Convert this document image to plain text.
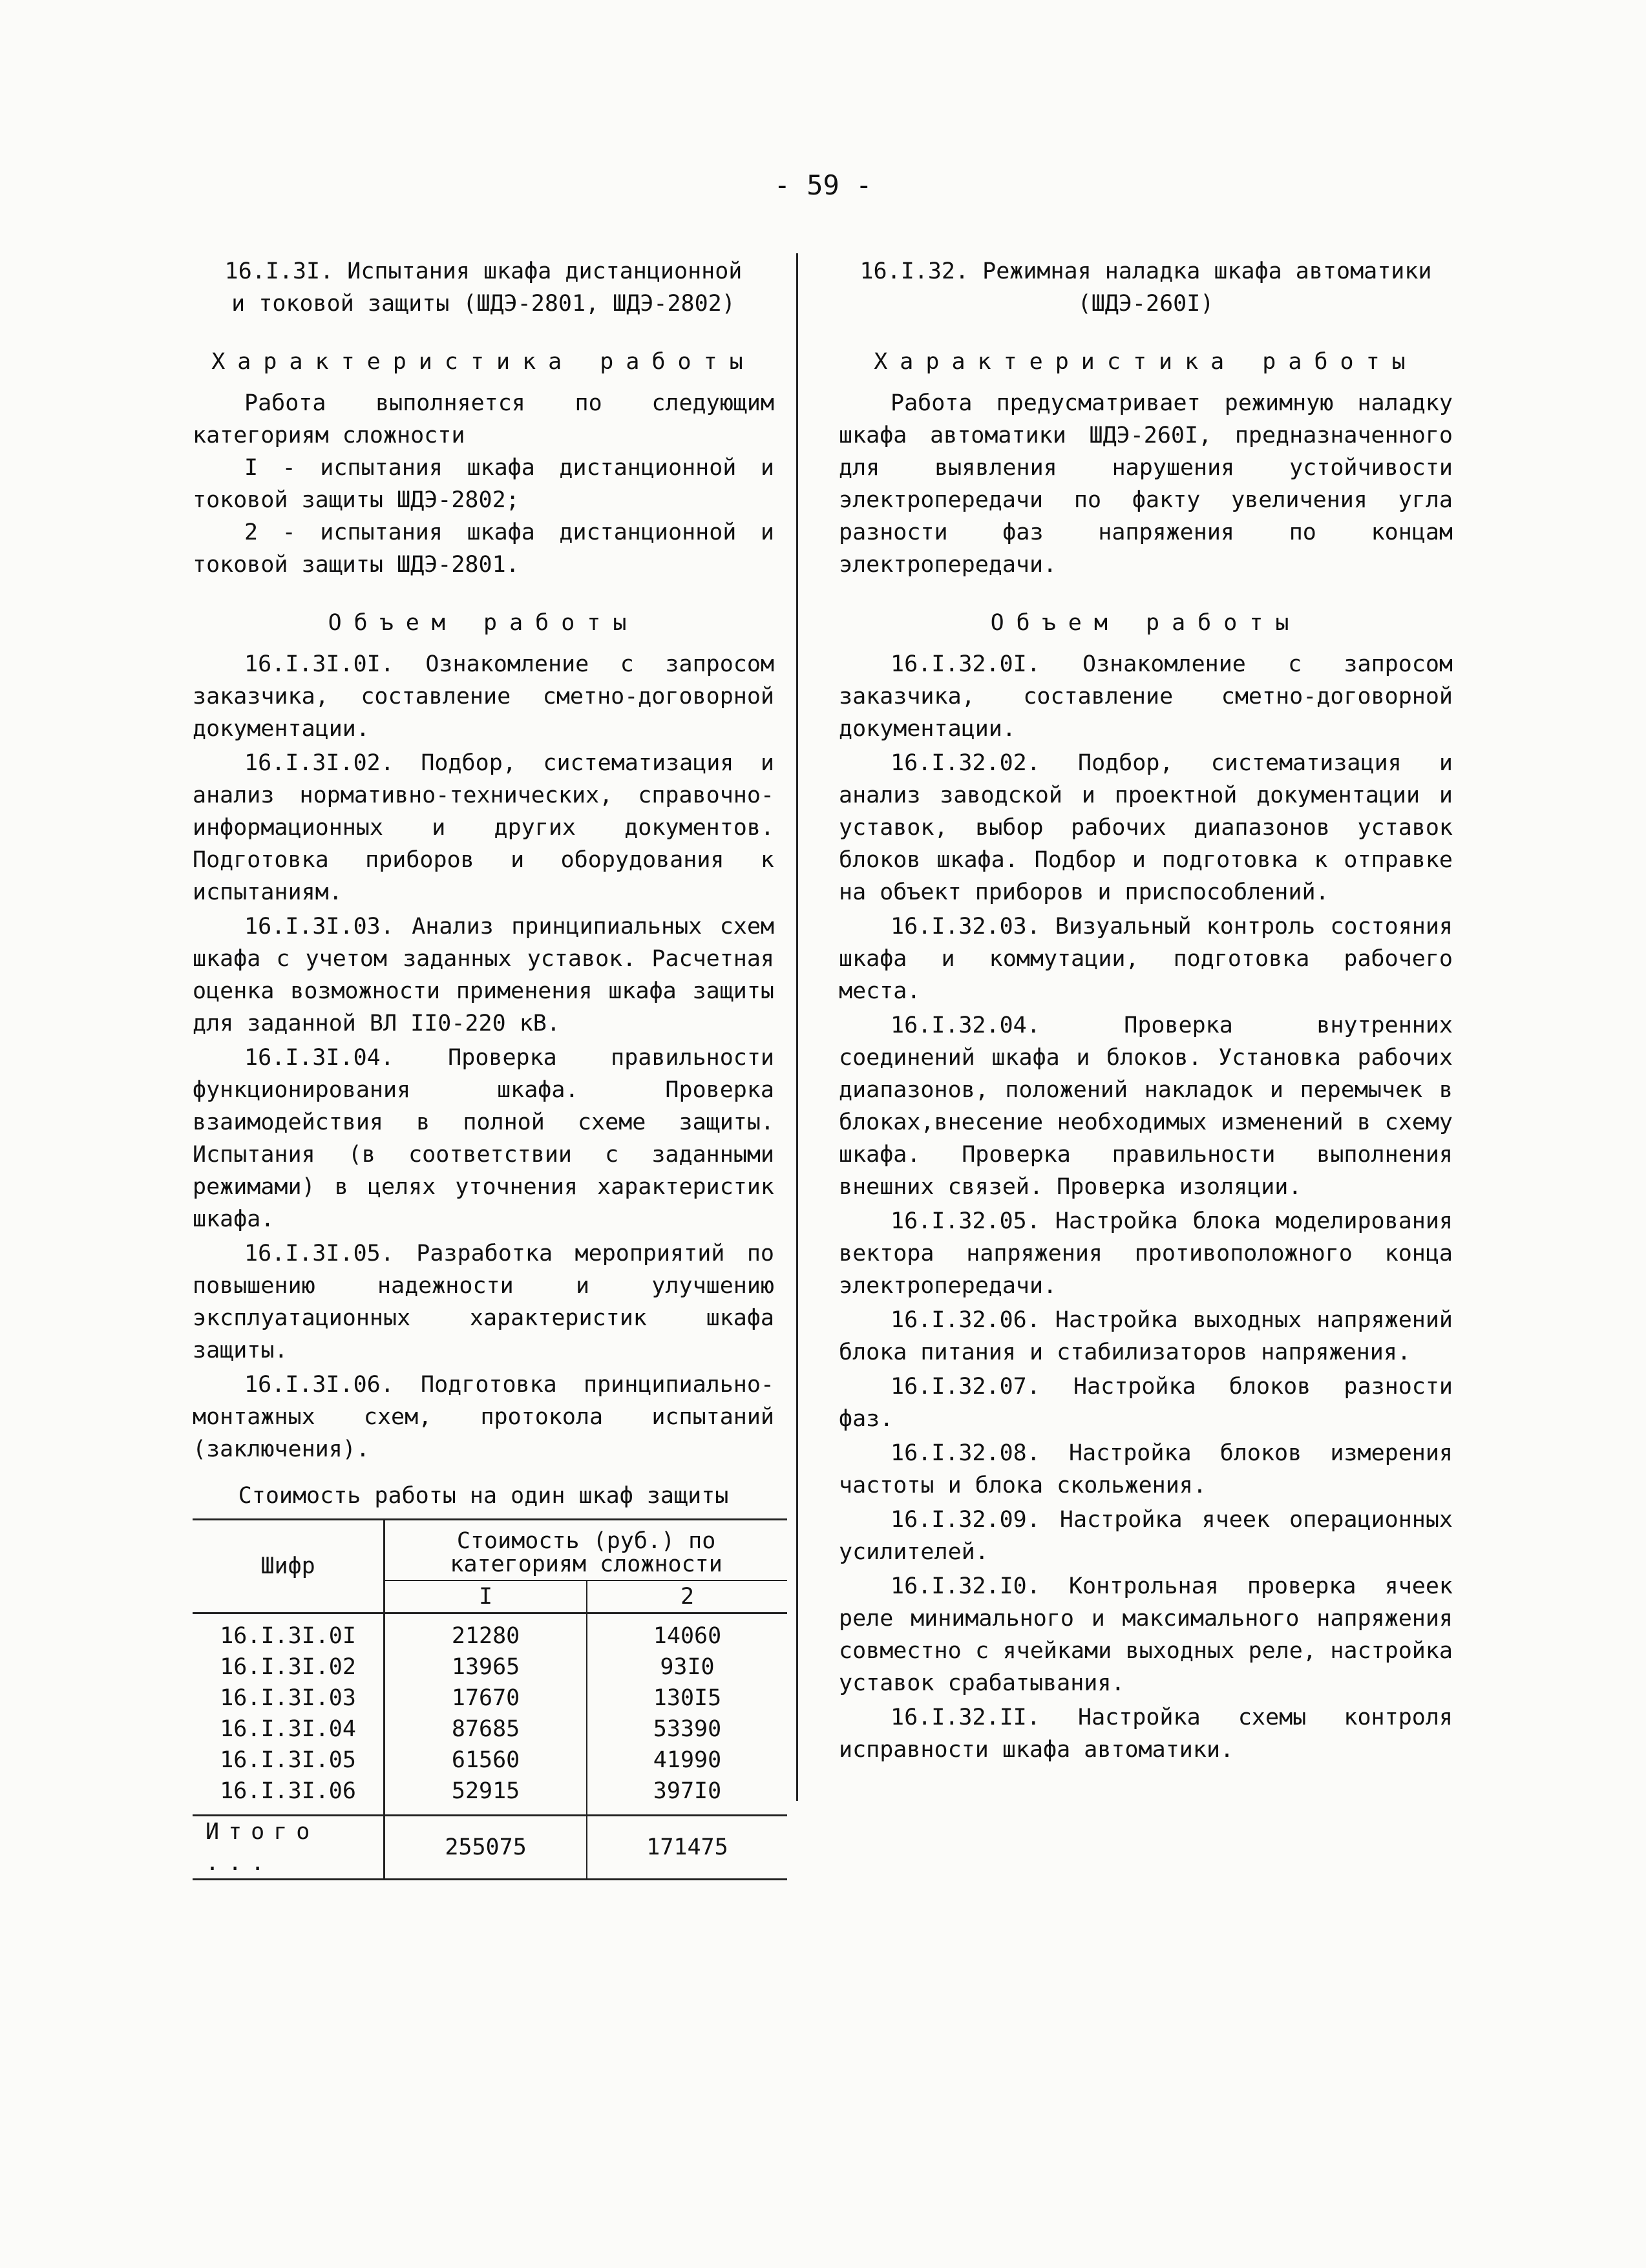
- 59 -

16.I.3I. Испытания шкафа дистанционной

и токовой защиты (ШДЭ-2801, ШДЭ-2802)

Характеристика работы

Работа выполняется по следующим категориям сложности

I - испытания шкафа дистанционной и токовой защиты ШДЭ-2802;

2 - испытания шкафа дистанционной и токовой защиты ШДЭ-2801.

Объем работы

16.I.3I.0I. Ознакомление с запросом заказчика, составление сметно-договорной документации.

16.I.3I.02. Подбор, систематизация и анализ нормативно-технических, справочно-информационных и других документов. Подготовка приборов и оборудования к испытаниям.

16.I.3I.03. Анализ принципиальных схем шкафа с учетом заданных уставок. Расчетная оценка возможности применения шкафа защиты для заданной ВЛ II0-220 кВ.

16.I.3I.04. Проверка правильности функционирования шкафа. Проверка взаимодействия в полной схеме защиты. Испытания (в соответствии с заданными режимами) в целях уточнения характеристик шкафа.

16.I.3I.05. Разработка мероприятий по повышению надежности и улучшению эксплуатационных характеристик шкафа защиты.

16.I.3I.06. Подготовка принципиально-монтажных схем, протокола испытаний (заключения).

Стоимость работы на один шкаф защиты

Шифр	Стоимость (руб.) по категориям сложности	
	I	2
16.I.3I.0I	21280	14060
16.I.3I.02	13965	93I0
16.I.3I.03	17670	130I5
16.I.3I.04	87685	53390
16.I.3I.05	61560	41990
16.I.3I.06	52915	397I0
Итого ...	255075	171475

16.I.32. Режимная наладка шкафа автоматики

(ШДЭ-260I)

Характеристика работы

Работа предусматривает режимную наладку шкафа автоматики ШДЭ-260I, предназначенного для выявления нарушения устойчивости электропередачи по факту увеличения угла разности фаз напряжения по концам электропередачи.

Объем работы

16.I.32.0I. Ознакомление с запросом заказчика, составление сметно-договорной документации.

16.I.32.02. Подбор, систематизация и анализ заводской и проектной документации и уставок, выбор рабочих диапазонов уставок блоков шкафа. Подбор и подготовка к отправке на объект приборов и приспособлений.

16.I.32.03. Визуальный контроль состояния шкафа и коммутации, подготовка рабочего места.

16.I.32.04. Проверка внутренних соединений шкафа и блоков. Установка рабочих диапазонов, положений накладок и перемычек в блоках,внесение необходимых изменений в схему шкафа. Проверка правильности выполнения внешних связей. Проверка изоляции.

16.I.32.05. Настройка блока моделирования вектора напряжения противоположного конца электропередачи.

16.I.32.06. Настройка выходных напряжений блока питания и стабилизаторов напряжения.

16.I.32.07. Настройка блоков разности фаз.

16.I.32.08. Настройка блоков измерения частоты и блока скольжения.

16.I.32.09. Настройка ячеек операционных усилителей.

16.I.32.I0. Контрольная проверка ячеек реле минимального и максимального напряжения совместно с ячейками выходных реле, настройка уставок срабатывания.

16.I.32.II. Настройка схемы контроля исправности шкафа автоматики.
